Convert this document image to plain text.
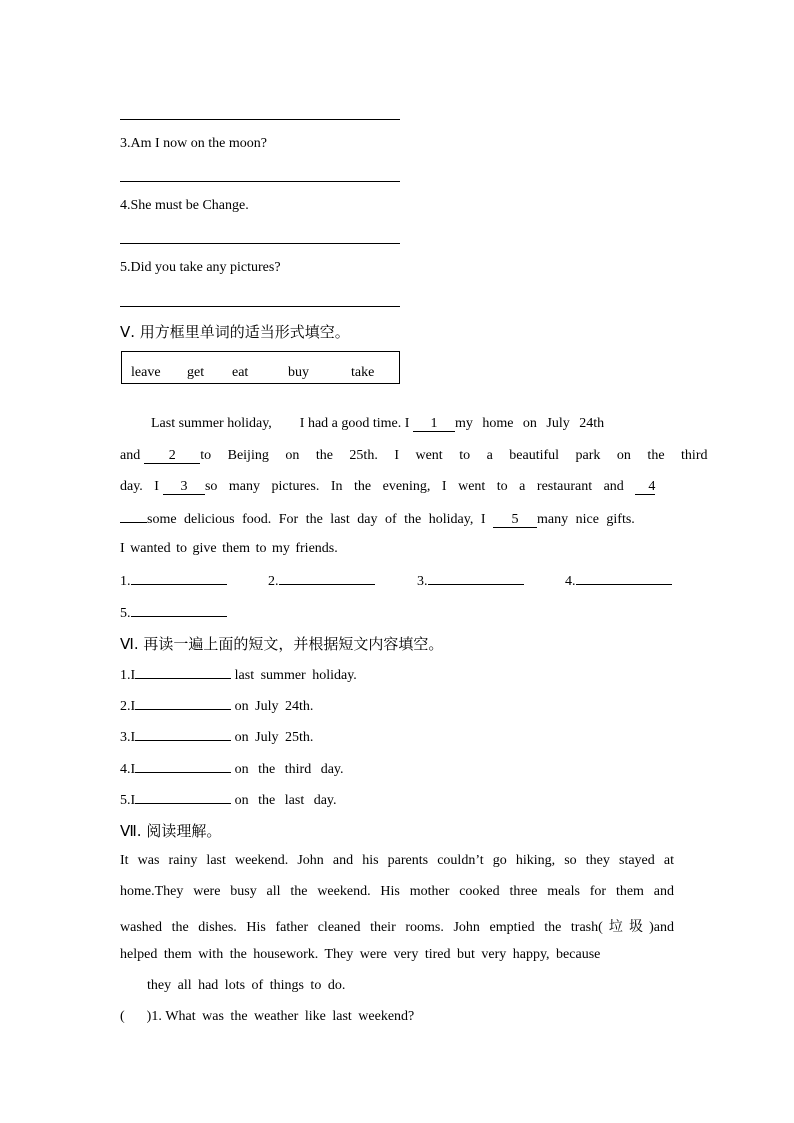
3.Am I now on the moon?
4.She must be Change.
5.Did you take any pictures?
Ⅴ. 用方框里单词的适当形式填空。
leave get eat	buy	take
Last summer holiday, I had a good time. I 1 my home on July 24th
and 2 to Beijing on the 25th. I went to a beautiful park on the third
day. I 3 so many pictures. In the evening, I went to a restaurant and 4
some delicious food. For the last day of the holiday, I 5 many nice gifts.
I wanted to give them to my friends.
1.	2.	3.	4.
5.
Ⅵ. 再读一遍上面的短文，并根据短文内容填空。
1.I	last summer holiday.
2.I	on July 24th.
3.I	on July 25th.
4.I	on the third day.
5.I	on the last day.
Ⅶ. 阅读理解。
It was rainy last weekend. John and his parents couldn’t go hiking, so they stayed at
home.They were busy all the weekend. His mother cooked three meals for them and
washed the dishes. His father cleaned their rooms. John emptied the trash(垃圾)and
helped them with the housework. They were very tired but very happy, because
they all had lots of things to do.
( )1. What was the weather like last weekend?
